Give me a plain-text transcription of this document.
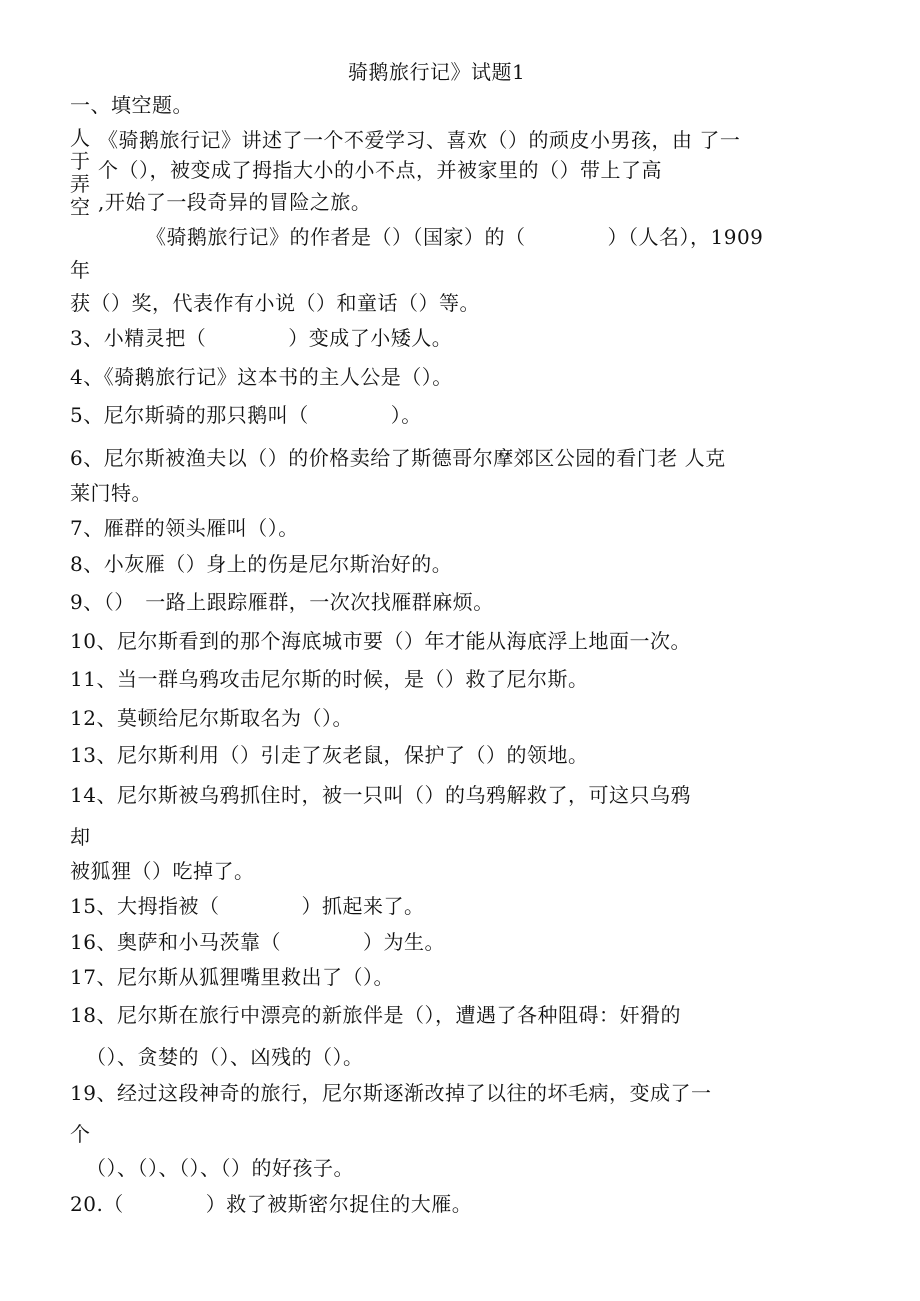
骑鹅旅行记》试题1
一、填空题。
人
于
弄
空
《骑鹅旅行记》讲述了一个不爱学习、喜欢（）的顽皮小男孩，由 了一
个（），被变成了拇指大小的小不点，并被家里的（）带上了高
,开始了一段奇异的冒险之旅。
《骑鹅旅行记》的作者是（）（国家）的（　　　　）（人名），1909
年
获（）奖，代表作有小说（）和童话（）等。
3、小精灵把（　　　　）变成了小矮人。
4、《骑鹅旅行记》这本书的主人公是（）。
5、尼尔斯骑的那只鹅叫（　　　　）。
6、尼尔斯被渔夫以（）的价格卖给了斯德哥尔摩郊区公园的看门老 人克
莱门特。
7、雁群的领头雁叫（）。
8、小灰雁（）身上的伤是尼尔斯治好的。
9、（）　一路上跟踪雁群，一次次找雁群麻烦。
10、尼尔斯看到的那个海底城市要（）年才能从海底浮上地面一次。
11、当一群乌鸦攻击尼尔斯的时候，是（）救了尼尔斯。
12、莫顿给尼尔斯取名为（）。
13、尼尔斯利用（）引走了灰老鼠，保护了（）的领地。
14、尼尔斯被乌鸦抓住时，被一只叫（）的乌鸦解救了，可这只乌鸦
却
被狐狸（）吃掉了。
15、大拇指被（　　　　）抓起来了。
16、奥萨和小马茨靠（　　　　）为生。
17、尼尔斯从狐狸嘴里救出了（）。
18、尼尔斯在旅行中漂亮的新旅伴是（），遭遇了各种阻碍：奸猾的
（）、贪婪的（）、凶残的（）。
19、经过这段神奇的旅行，尼尔斯逐渐改掉了以往的坏毛病，变成了一
个
（）、（）、（）、（）的好孩子。
20.（　　　　）救了被斯密尔捉住的大雁。
